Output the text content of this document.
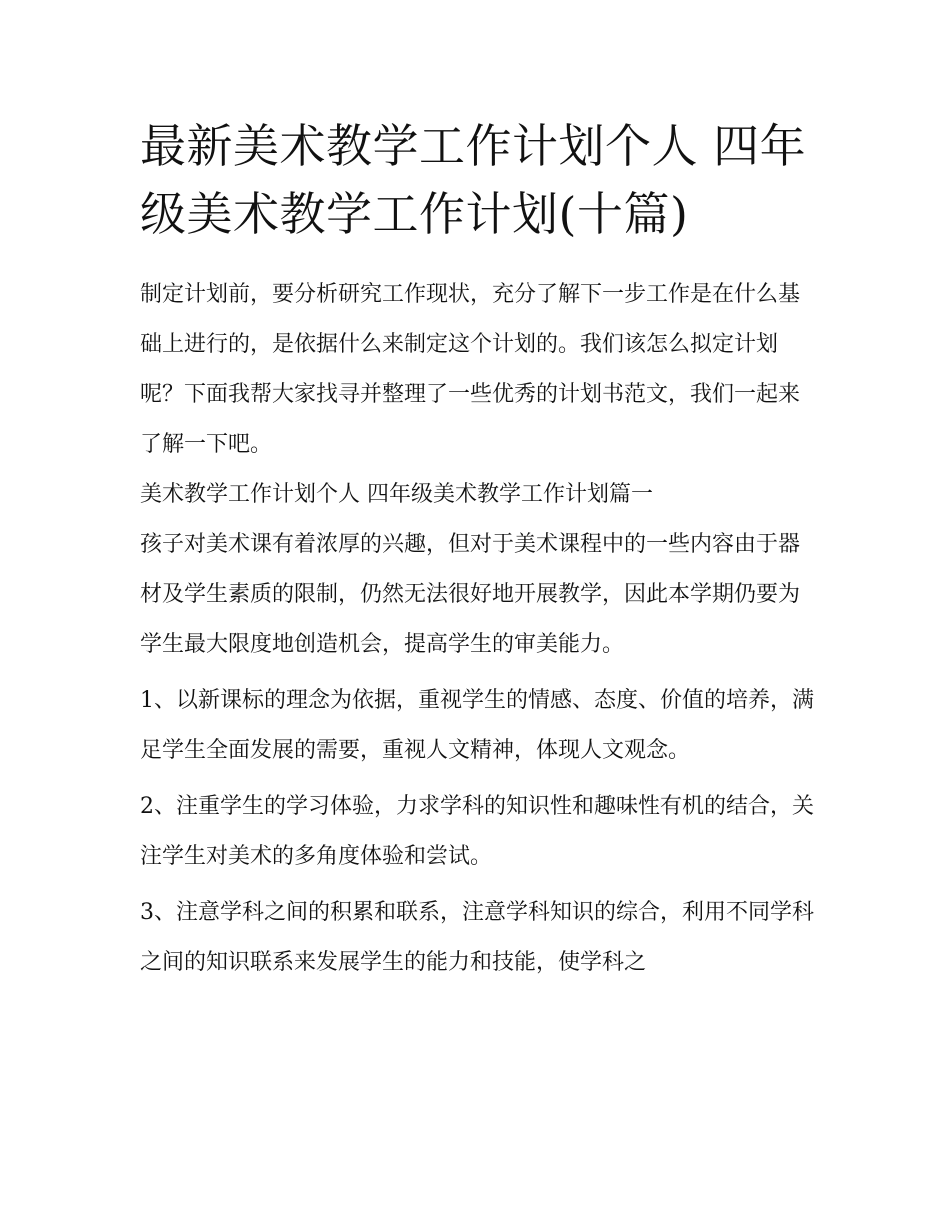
最新美术教学工作计划个人 四年级美术教学工作计划(十篇)

制定计划前，要分析研究工作现状，充分了解下一步工作是在什么基础上进行的，是依据什么来制定这个计划的。我们该怎么拟定计划呢？下面我帮大家找寻并整理了一些优秀的计划书范文，我们一起来了解一下吧。

美术教学工作计划个人 四年级美术教学工作计划篇一

孩子对美术课有着浓厚的兴趣，但对于美术课程中的一些内容由于器材及学生素质的限制，仍然无法很好地开展教学，因此本学期仍要为学生最大限度地创造机会，提高学生的审美能力。

1、以新课标的理念为依据，重视学生的情感、态度、价值的培养，满足学生全面发展的需要，重视人文精神，体现人文观念。

2、注重学生的学习体验，力求学科的知识性和趣味性有机的结合，关注学生对美术的多角度体验和尝试。

3、注意学科之间的积累和联系，注意学科知识的综合，利用不同学科之间的知识联系来发展学生的能力和技能，使学科之
